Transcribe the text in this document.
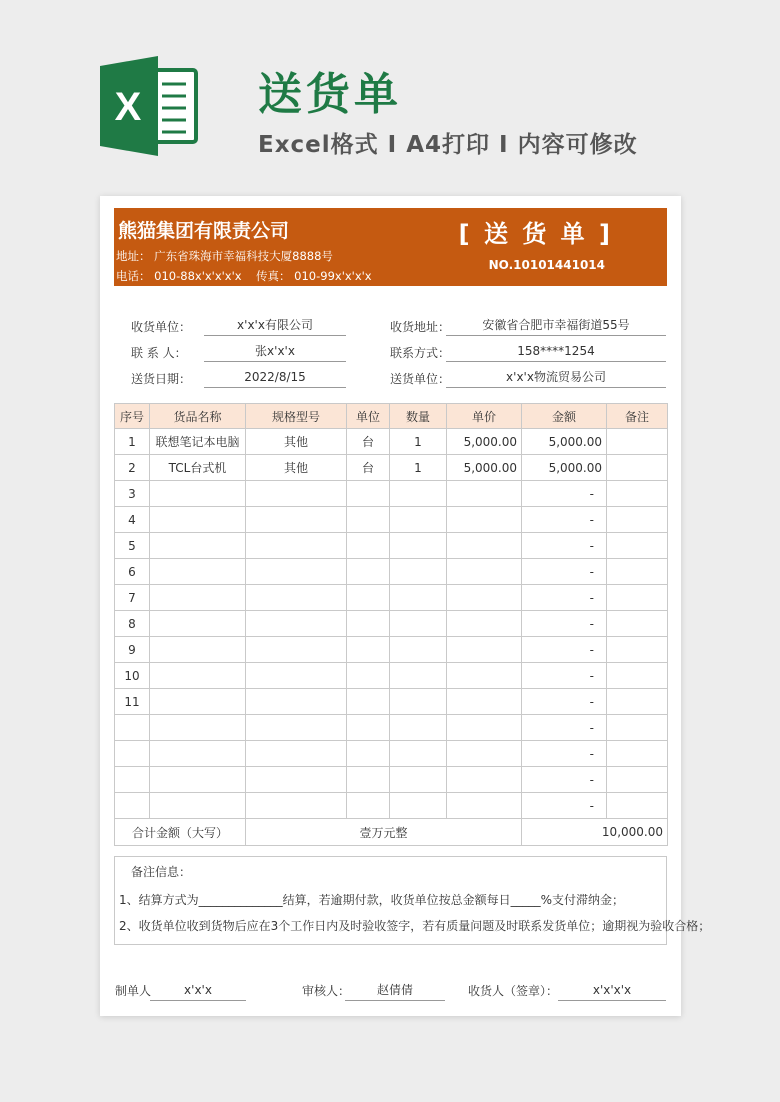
X	送货单
Excel格式 I A4打印 I 内容可修改
熊猫集团有限责公司
地址： 广东省珠海市幸福科技大厦8888号
电话： 010-88x'x'x'x'x 传真： 010-99x'x'x'x
[ 送 货 单 ]
NO.10101441014
收货单位：	x'x'x有限公司
联 系 人：	张x'x'x
送货日期：	2022/8/15
收货地址：	安徽省合肥市幸福街道55号
联系方式：	158****1254
送货单位：	x'x'x物流贸易公司
序号	货品名称	规格型号	单位	数量	单价	金额	备注
1	联想笔记本电脑	其他	台	1	5,000.00	5,000.00	
2	TCL台式机	其他	台	1	5,000.00	5,000.00	
3						-	
4						-	
5						-	
6						-	
7						-	
8						-	
9						-	
10						-	
11						-	
						-	
						-	
						-	
						-	
合计金额（大写）		壹万元整				10,000.00	
备注信息：
1、结算方式为______________结算，若逾期付款，收货单位按总金额每日_____%支付滞纳金；
2、收货单位收到货物后应在3个工作日内及时验收签字，若有质量问题及时联系发货单位；逾期视为验收合格；
制单人	x'x'x	审核人：	赵倩倩	收货人（签章）：	x'x'x'x
